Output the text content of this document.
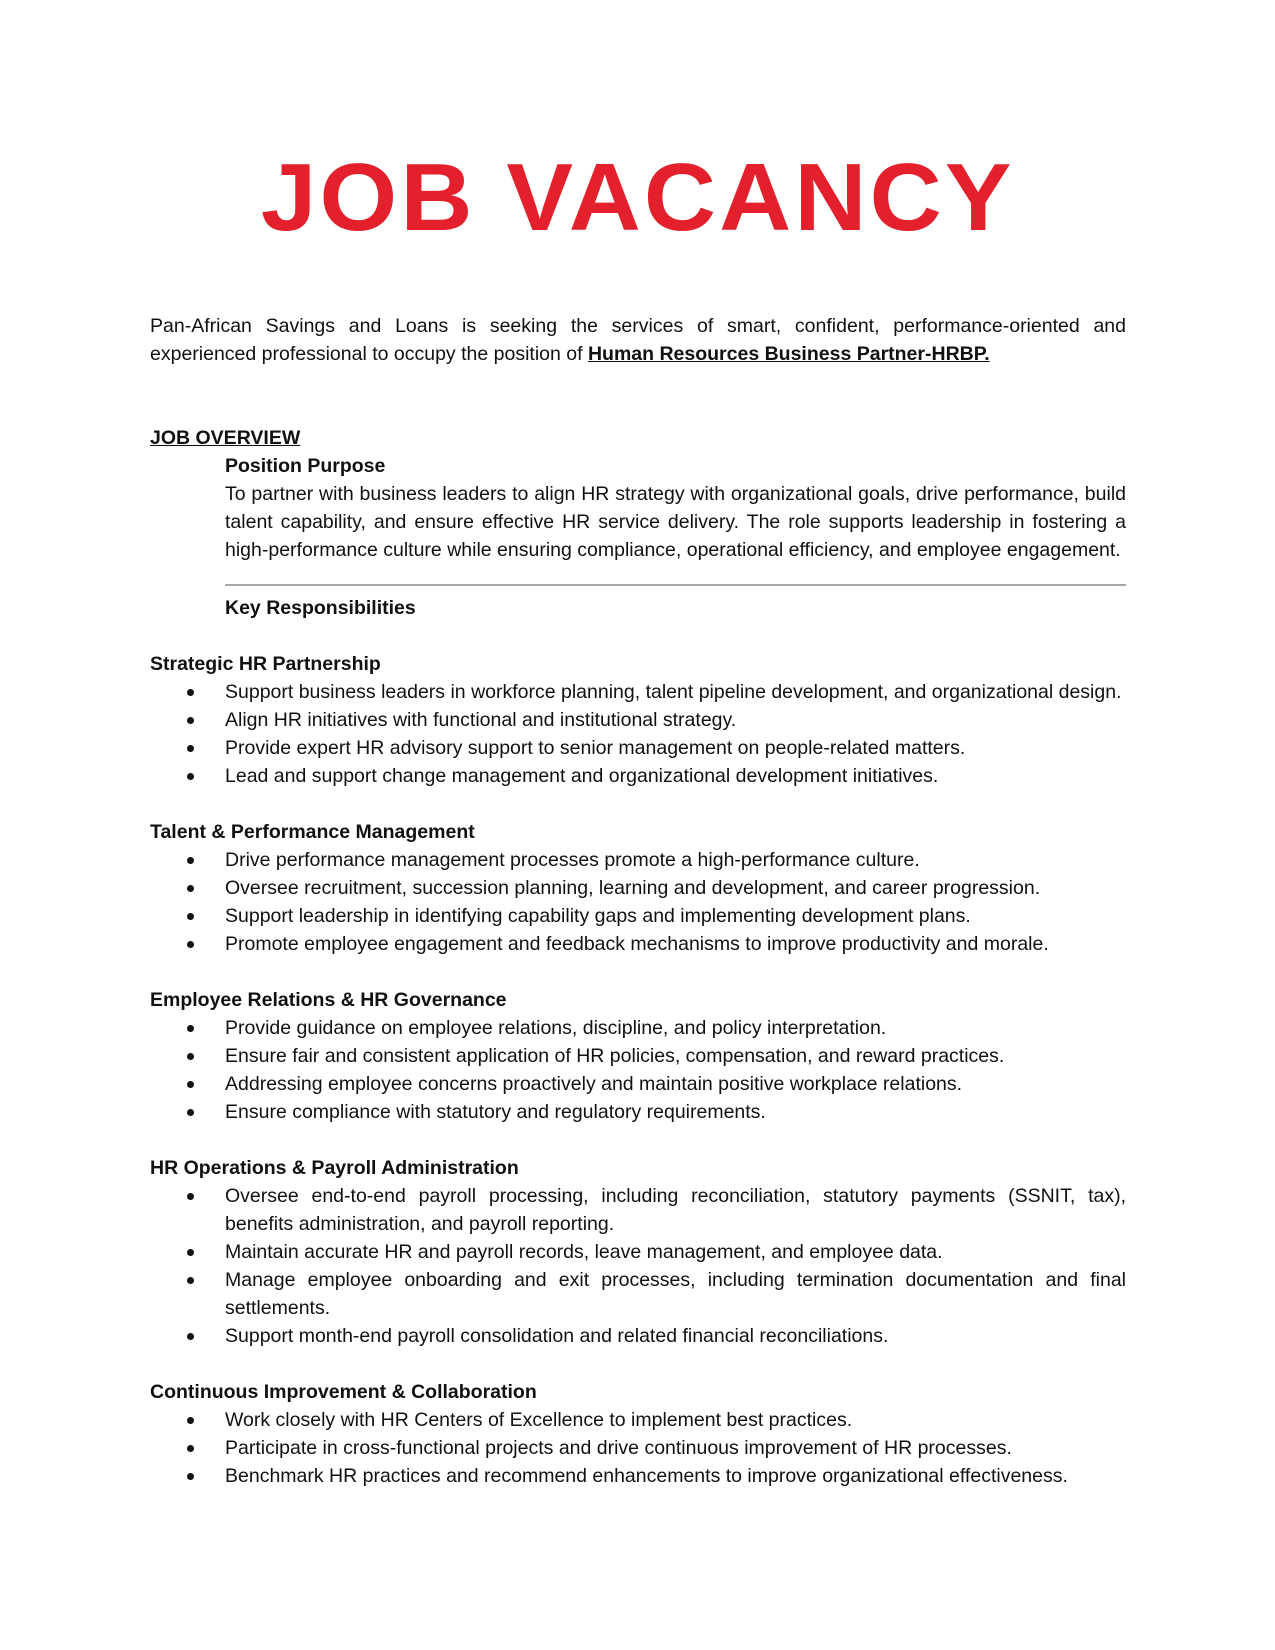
JOB VACANCY

Pan-African Savings and Loans is seeking the services of smart, confident, performance-oriented and experienced professional to occupy the position of Human Resources Business Partner-HRBP.

JOB OVERVIEW
Position Purpose

To partner with business leaders to align HR strategy with organizational goals, drive performance, build talent capability, and ensure effective HR service delivery. The role supports leadership in fostering a high-performance culture while ensuring compliance, operational efficiency, and employee engagement.

Key Responsibilities
Strategic HR Partnership
Support business leaders in workforce planning, talent pipeline development, and organizational design.
Align HR initiatives with functional and institutional strategy.
Provide expert HR advisory support to senior management on people-related matters.
Lead and support change management and organizational development initiatives.
Talent & Performance Management
Drive performance management processes promote a high-performance culture.
Oversee recruitment, succession planning, learning and development, and career progression.
Support leadership in identifying capability gaps and implementing development plans.
Promote employee engagement and feedback mechanisms to improve productivity and morale.
Employee Relations & HR Governance
Provide guidance on employee relations, discipline, and policy interpretation.
Ensure fair and consistent application of HR policies, compensation, and reward practices.
Addressing employee concerns proactively and maintain positive workplace relations.
Ensure compliance with statutory and regulatory requirements.
HR Operations & Payroll Administration
Oversee end-to-end payroll processing, including reconciliation, statutory payments (SSNIT, tax), benefits administration, and payroll reporting.
Maintain accurate HR and payroll records, leave management, and employee data.
Manage employee onboarding and exit processes, including termination documentation and final settlements.
Support month-end payroll consolidation and related financial reconciliations.
Continuous Improvement & Collaboration
Work closely with HR Centers of Excellence to implement best practices.
Participate in cross-functional projects and drive continuous improvement of HR processes.
Benchmark HR practices and recommend enhancements to improve organizational effectiveness.
